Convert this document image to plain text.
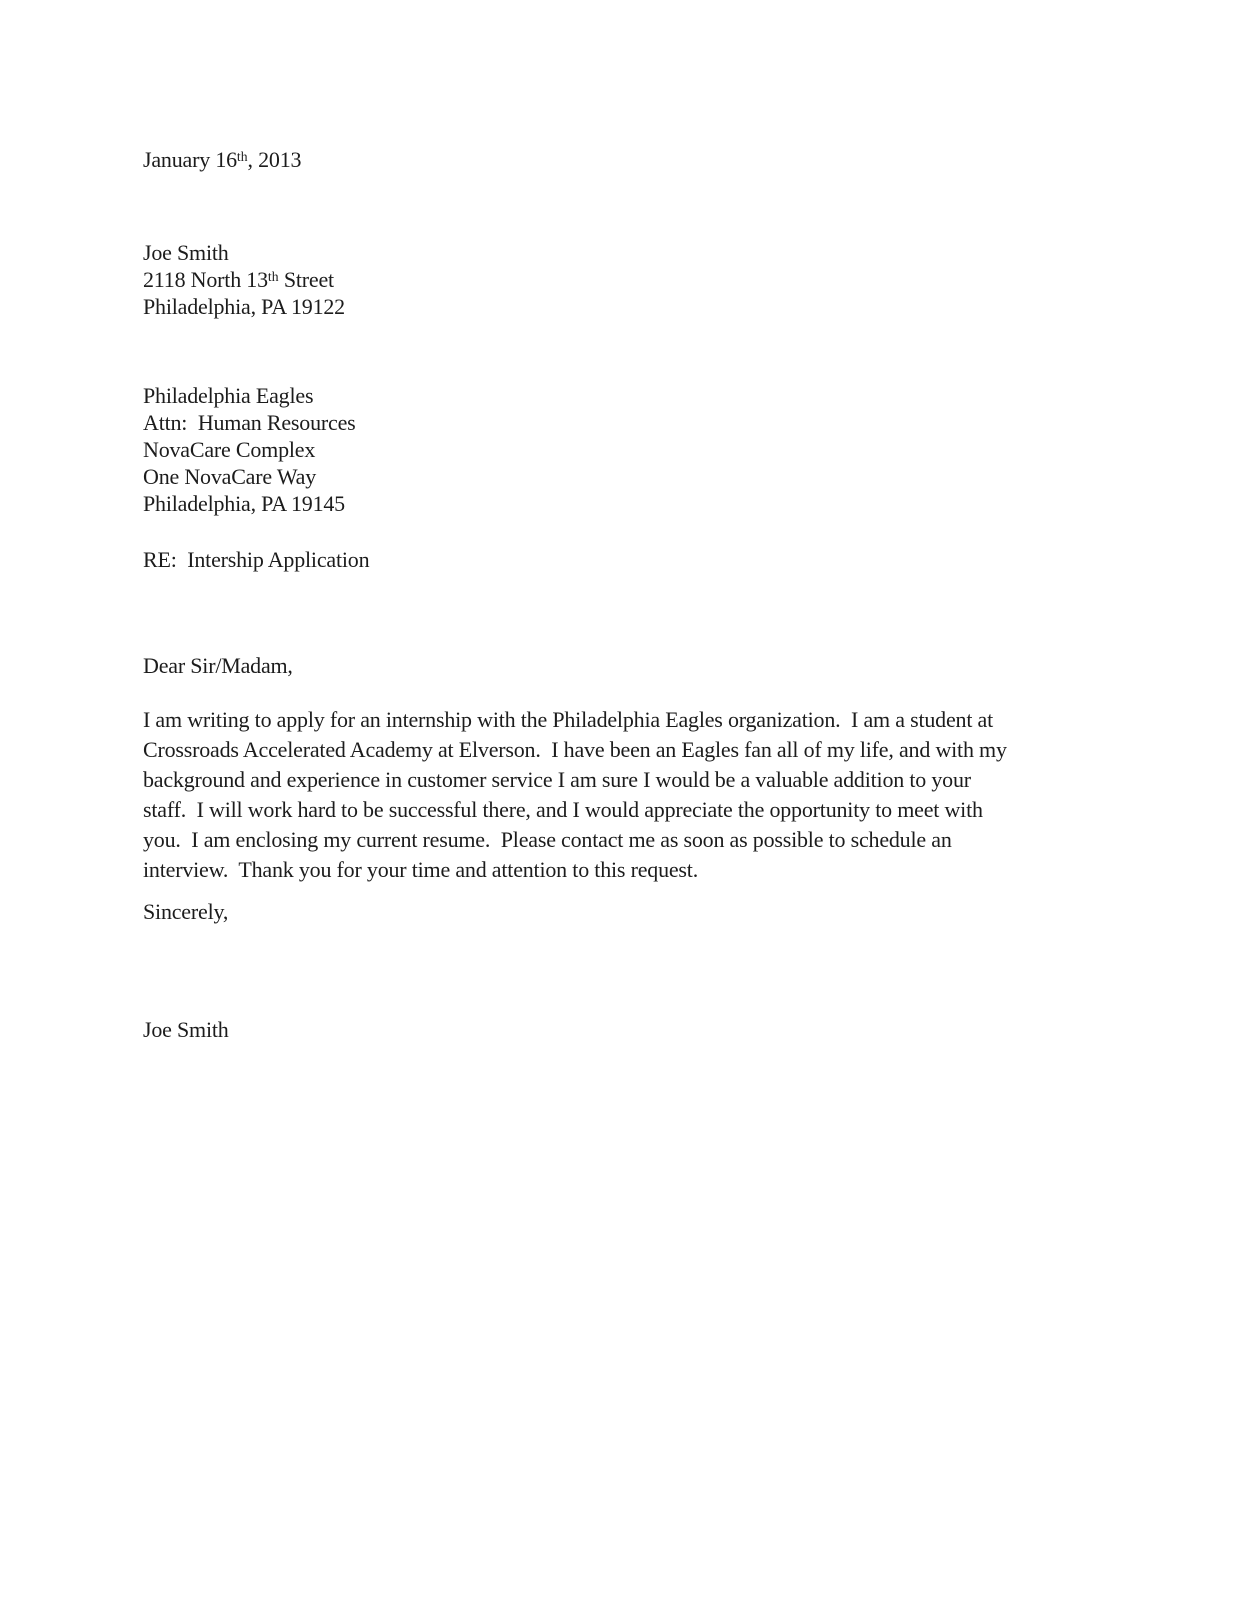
January 16th, 2013
Joe Smith
2118 North 13th Street
Philadelphia, PA 19122
Philadelphia Eagles
Attn:  Human Resources
NovaCare Complex
One NovaCare Way
Philadelphia, PA 19145
RE:  Intership Application
Dear Sir/Madam,
I am writing to apply for an internship with the Philadelphia Eagles organization.  I am a student at
Crossroads Accelerated Academy at Elverson.  I have been an Eagles fan all of my life, and with my
background and experience in customer service I am sure I would be a valuable addition to your
staff.  I will work hard to be successful there, and I would appreciate the opportunity to meet with
you.  I am enclosing my current resume.  Please contact me as soon as possible to schedule an
interview.  Thank you for your time and attention to this request.
Sincerely,
Joe Smith
